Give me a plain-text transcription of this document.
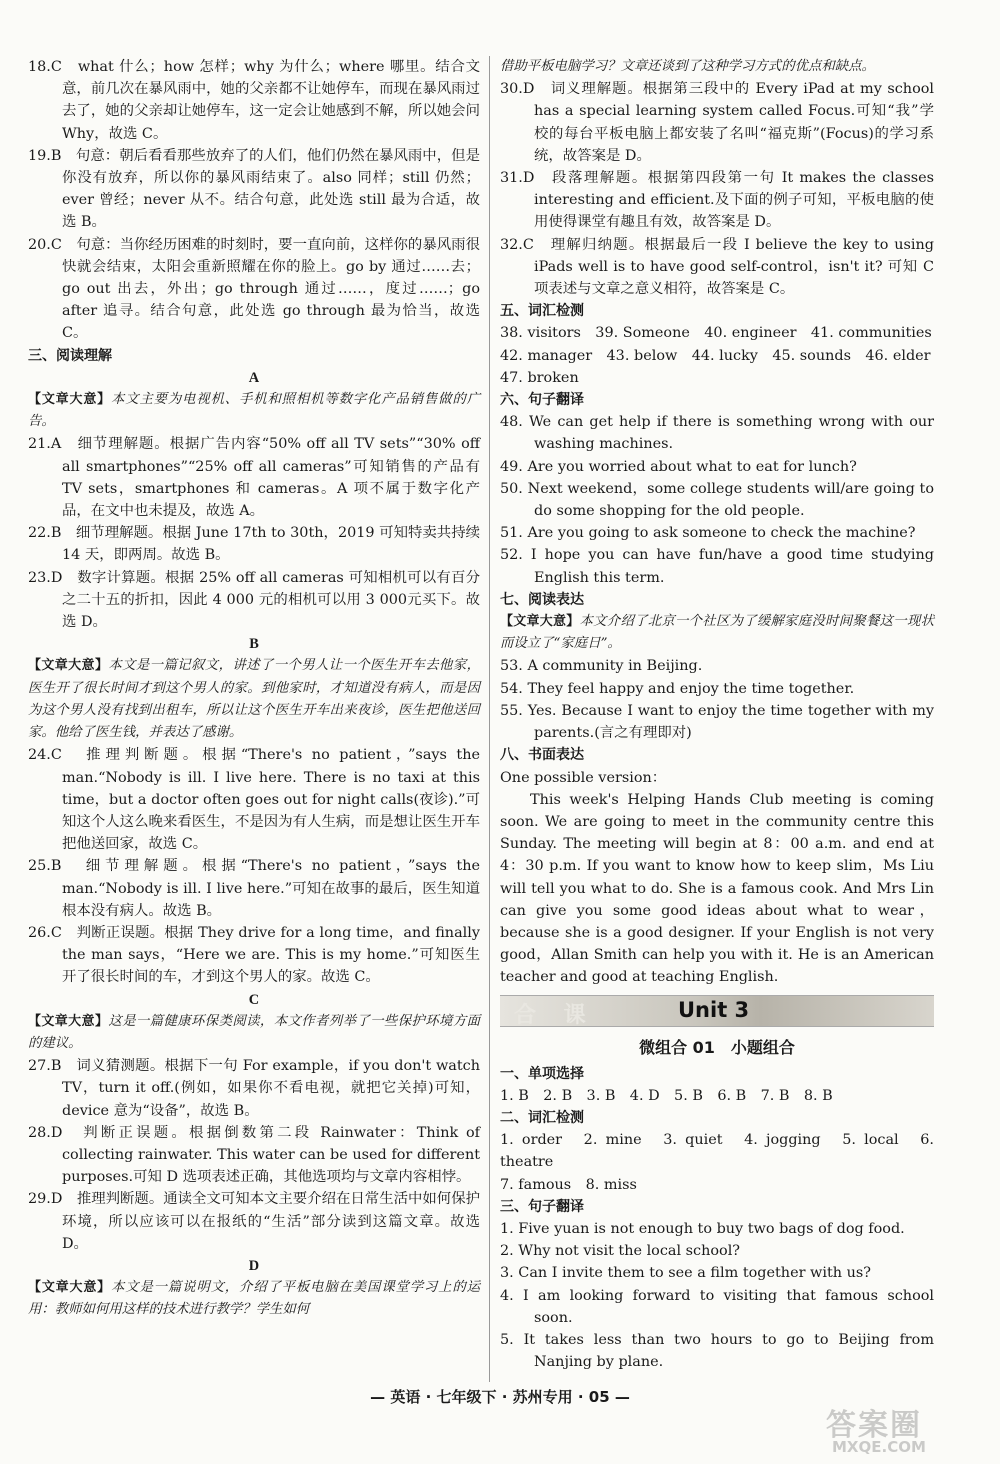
18.C　what 什么；how 怎样；why 为什么；where 哪里。结合文意，前几次在暴风雨中，她的父亲都不让她停车，而现在暴风雨过去了，她的父亲却让她停车，这一定会让她感到不解，所以她会问 Why，故选 C。

19.B　句意：朝后看看那些放弃了的人们，他们仍然在暴风雨中，但是你没有放弃，所以你的暴风雨结束了。also 同样；still 仍然；ever 曾经；never 从不。结合句意，此处选 still 最为合适，故选 B。

20.C　句意：当你经历困难的时刻时，要一直向前，这样你的暴风雨很快就会结束，太阳会重新照耀在你的脸上。go by 通过……去；go out 出去，外出；go through 通过……，度过……；go after 追寻。结合句意，此处选 go through 最为恰当，故选 C。

三、阅读理解

A

【文章大意】本文主要为电视机、手机和照相机等数字化产品销售做的广告。

21.A　细节理解题。根据广告内容“50% off all TV sets”“30% off all smartphones”“25% off all cameras”可知销售的产品有 TV sets，smartphones 和 cameras。A 项不属于数字化产品，在文中也未提及，故选 A。

22.B　细节理解题。根据 June 17th to 30th，2019 可知特卖共持续 14 天，即两周。故选 B。

23.D　数字计算题。根据 25% off all cameras 可知相机可以有百分之二十五的折扣，因此 4 000 元的相机可以用 3 000元买下。故选 D。

B

【文章大意】本文是一篇记叙文，讲述了一个男人让一个医生开车去他家，医生开了很长时间才到这个男人的家。到他家时，才知道没有病人，而是因为这个男人没有找到出租车，所以让这个医生开车出来夜诊，医生把他送回家。他给了医生钱，并表达了感谢。

24.C　推理判断题。根据“There's no patient，”says the man.“Nobody is ill. I live here. There is no taxi at this time，but a doctor often goes out for night calls(夜诊).”可知这个人这么晚来看医生，不是因为有人生病，而是想让医生开车把他送回家，故选 C。

25.B　细节理解题。根据“There's no patient，”says the man.“Nobody is ill. I live here.”可知在故事的最后，医生知道根本没有病人。故选 B。

26.C　判断正误题。根据 They drive for a long time，and finally the man says，“Here we are. This is my home.”可知医生开了很长时间的车，才到这个男人的家。故选 C。

C

【文章大意】这是一篇健康环保类阅读，本文作者列举了一些保护环境方面的建议。

27.B　词义猜测题。根据下一句 For example，if you don't watch TV，turn it off.(例如，如果你不看电视，就把它关掉)可知，device 意为“设备”，故选 B。

28.D　判断正误题。根据倒数第二段 Rainwater：Think of collecting rainwater. This water can be used for different purposes.可知 D 选项表述正确，其他选项均与文章内容相悖。

29.D　推理判断题。通读全文可知本文主要介绍在日常生活中如何保护环境，所以应该可以在报纸的“生活”部分读到这篇文章。故选 D。

D

【文章大意】本文是一篇说明文，介绍了平板电脑在美国课堂学习上的运用：教师如何用这样的技术进行教学？学生如何

借助平板电脑学习？文章还谈到了这种学习方式的优点和缺点。

30.D　词义理解题。根据第三段中的 Every iPad at my school has a special learning system called Focus.可知“我”学校的每台平板电脑上都安装了名叫“福克斯”(Focus)的学习系统，故答案是 D。

31.D　段落理解题。根据第四段第一句 It makes the classes interesting and efficient.及下面的例子可知，平板电脑的使用使得课堂有趣且有效，故答案是 D。

32.C　理解归纳题。根据最后一段 I believe the key to using iPads well is to have good self-control，isn't it? 可知 C 项表述与文章之意义相符，故答案是 C。

五、词汇检测

38. visitors　39. Someone　40. engineer　41. communities

42. manager　43. below　44. lucky　45. sounds　46. elder

47. broken

六、句子翻译

48. We can get help if there is something wrong with our washing machines.

49. Are you worried about what to eat for lunch?

50. Next weekend，some college students will/are going to do some shopping for the old people.

51. Are you going to ask someone to check the machine?

52. I hope you can have fun/have a good time studying English this term.

七、阅读表达

【文章大意】本文介绍了北京一个社区为了缓解家庭没时间聚餐这一现状而设立了“家庭日”。

53. A community in Beijing.

54. They feel happy and enjoy the time together.

55. Yes. Because I want to enjoy the time together with my parents.(言之有理即对)

八、书面表达

One possible version：

This week's Helping Hands Club meeting is coming soon. We are going to meet in the community centre this Sunday. The meeting will begin at 8：00 a.m. and end at 4：30 p.m. If you want to know how to keep slim，Ms Liu will tell you what to do. She is a famous cook. And Mrs Lin can give you some good ideas about what to wear，because she is a good designer. If your English is not very good，Allan Smith can help you with it. He is an American teacher and good at teaching English.

合 课	Unit 3

微组合 01　小题组合

一、单项选择

1. B　2. B　3. B　4. D　5. B　6. B　7. B　8. B

二、词汇检测

1. order　2. mine　3. quiet　4. jogging　5. local　6. theatre

7. famous　8. miss

三、句子翻译

1. Five yuan is not enough to buy two bags of dog food.

2. Why not visit the local school?

3. Can I invite them to see a film together with us?

4. I am looking forward to visiting that famous school soon.

5. It takes less than two hours to go to Beijing from Nanjing by plane.

— 英语 · 七年级下 · 苏州专用 · 05 —
答案圈
MXQE.COM
